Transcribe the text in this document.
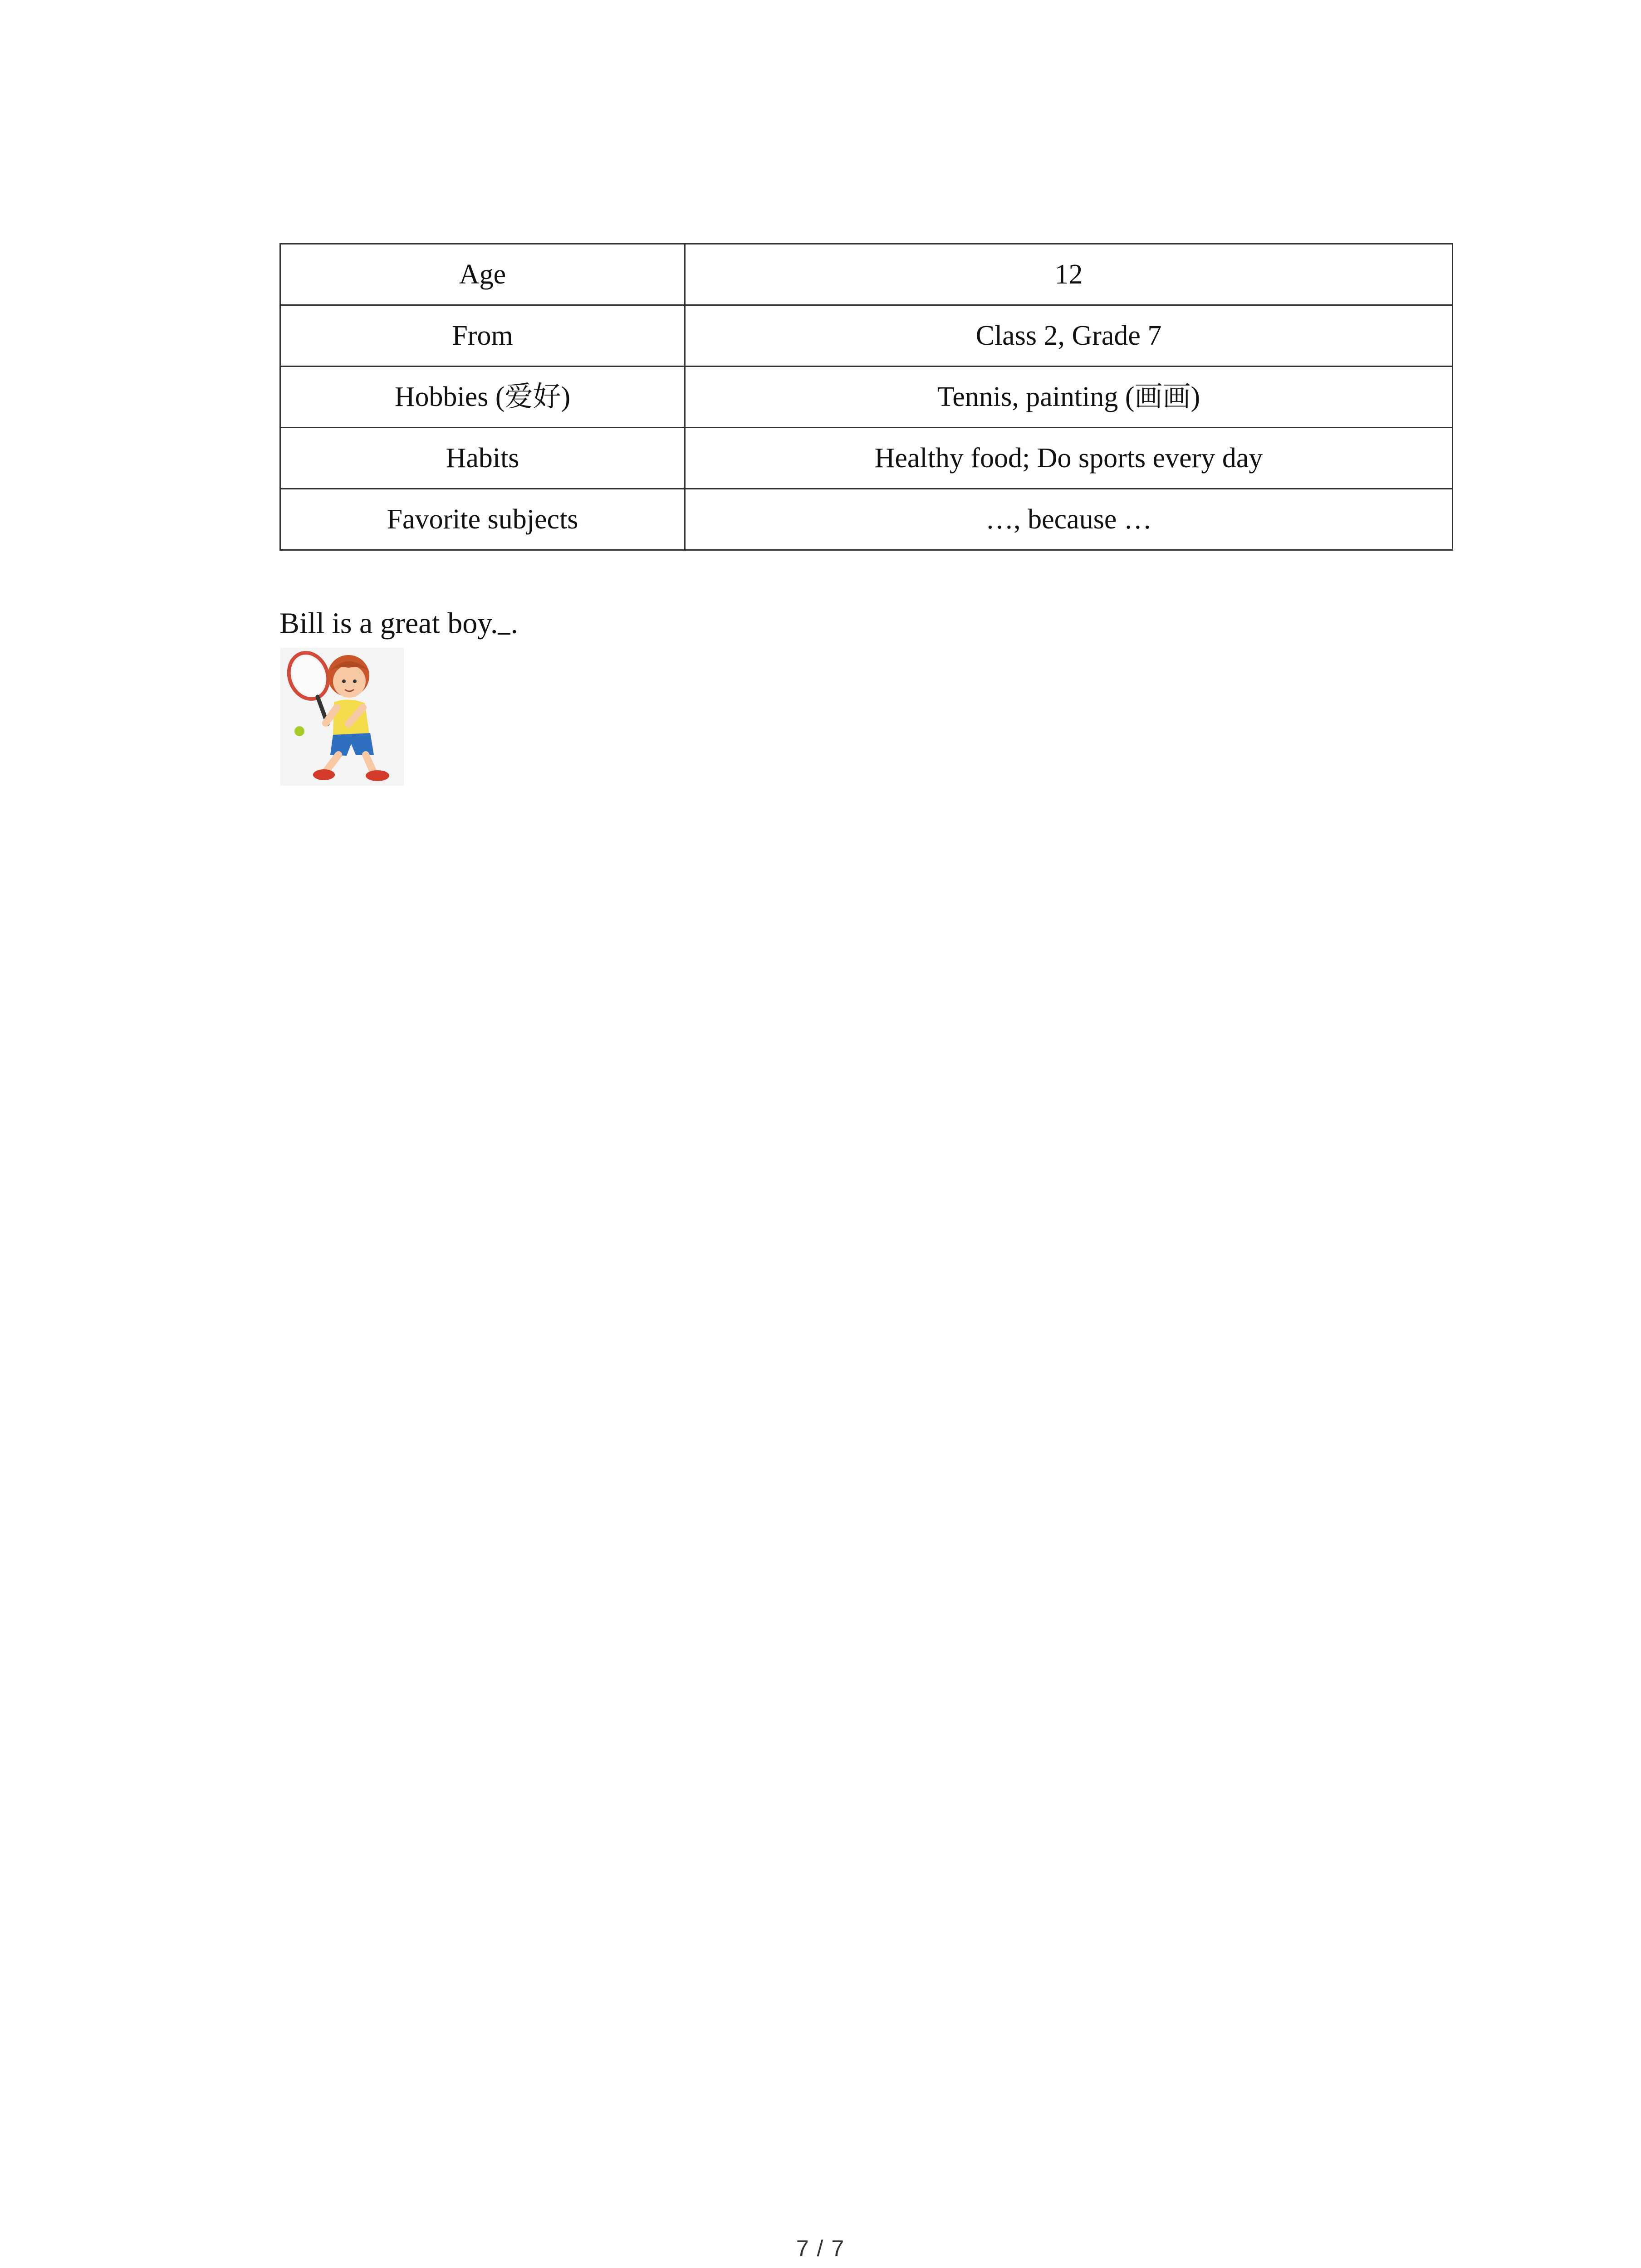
Age	12
From	Class 2, Grade 7
Hobbies (爱好)	Tennis, painting (画画)
Habits	Healthy food; Do sports every day
Favorite subjects	…, because …
Bill is a great boy. .
7 / 7
